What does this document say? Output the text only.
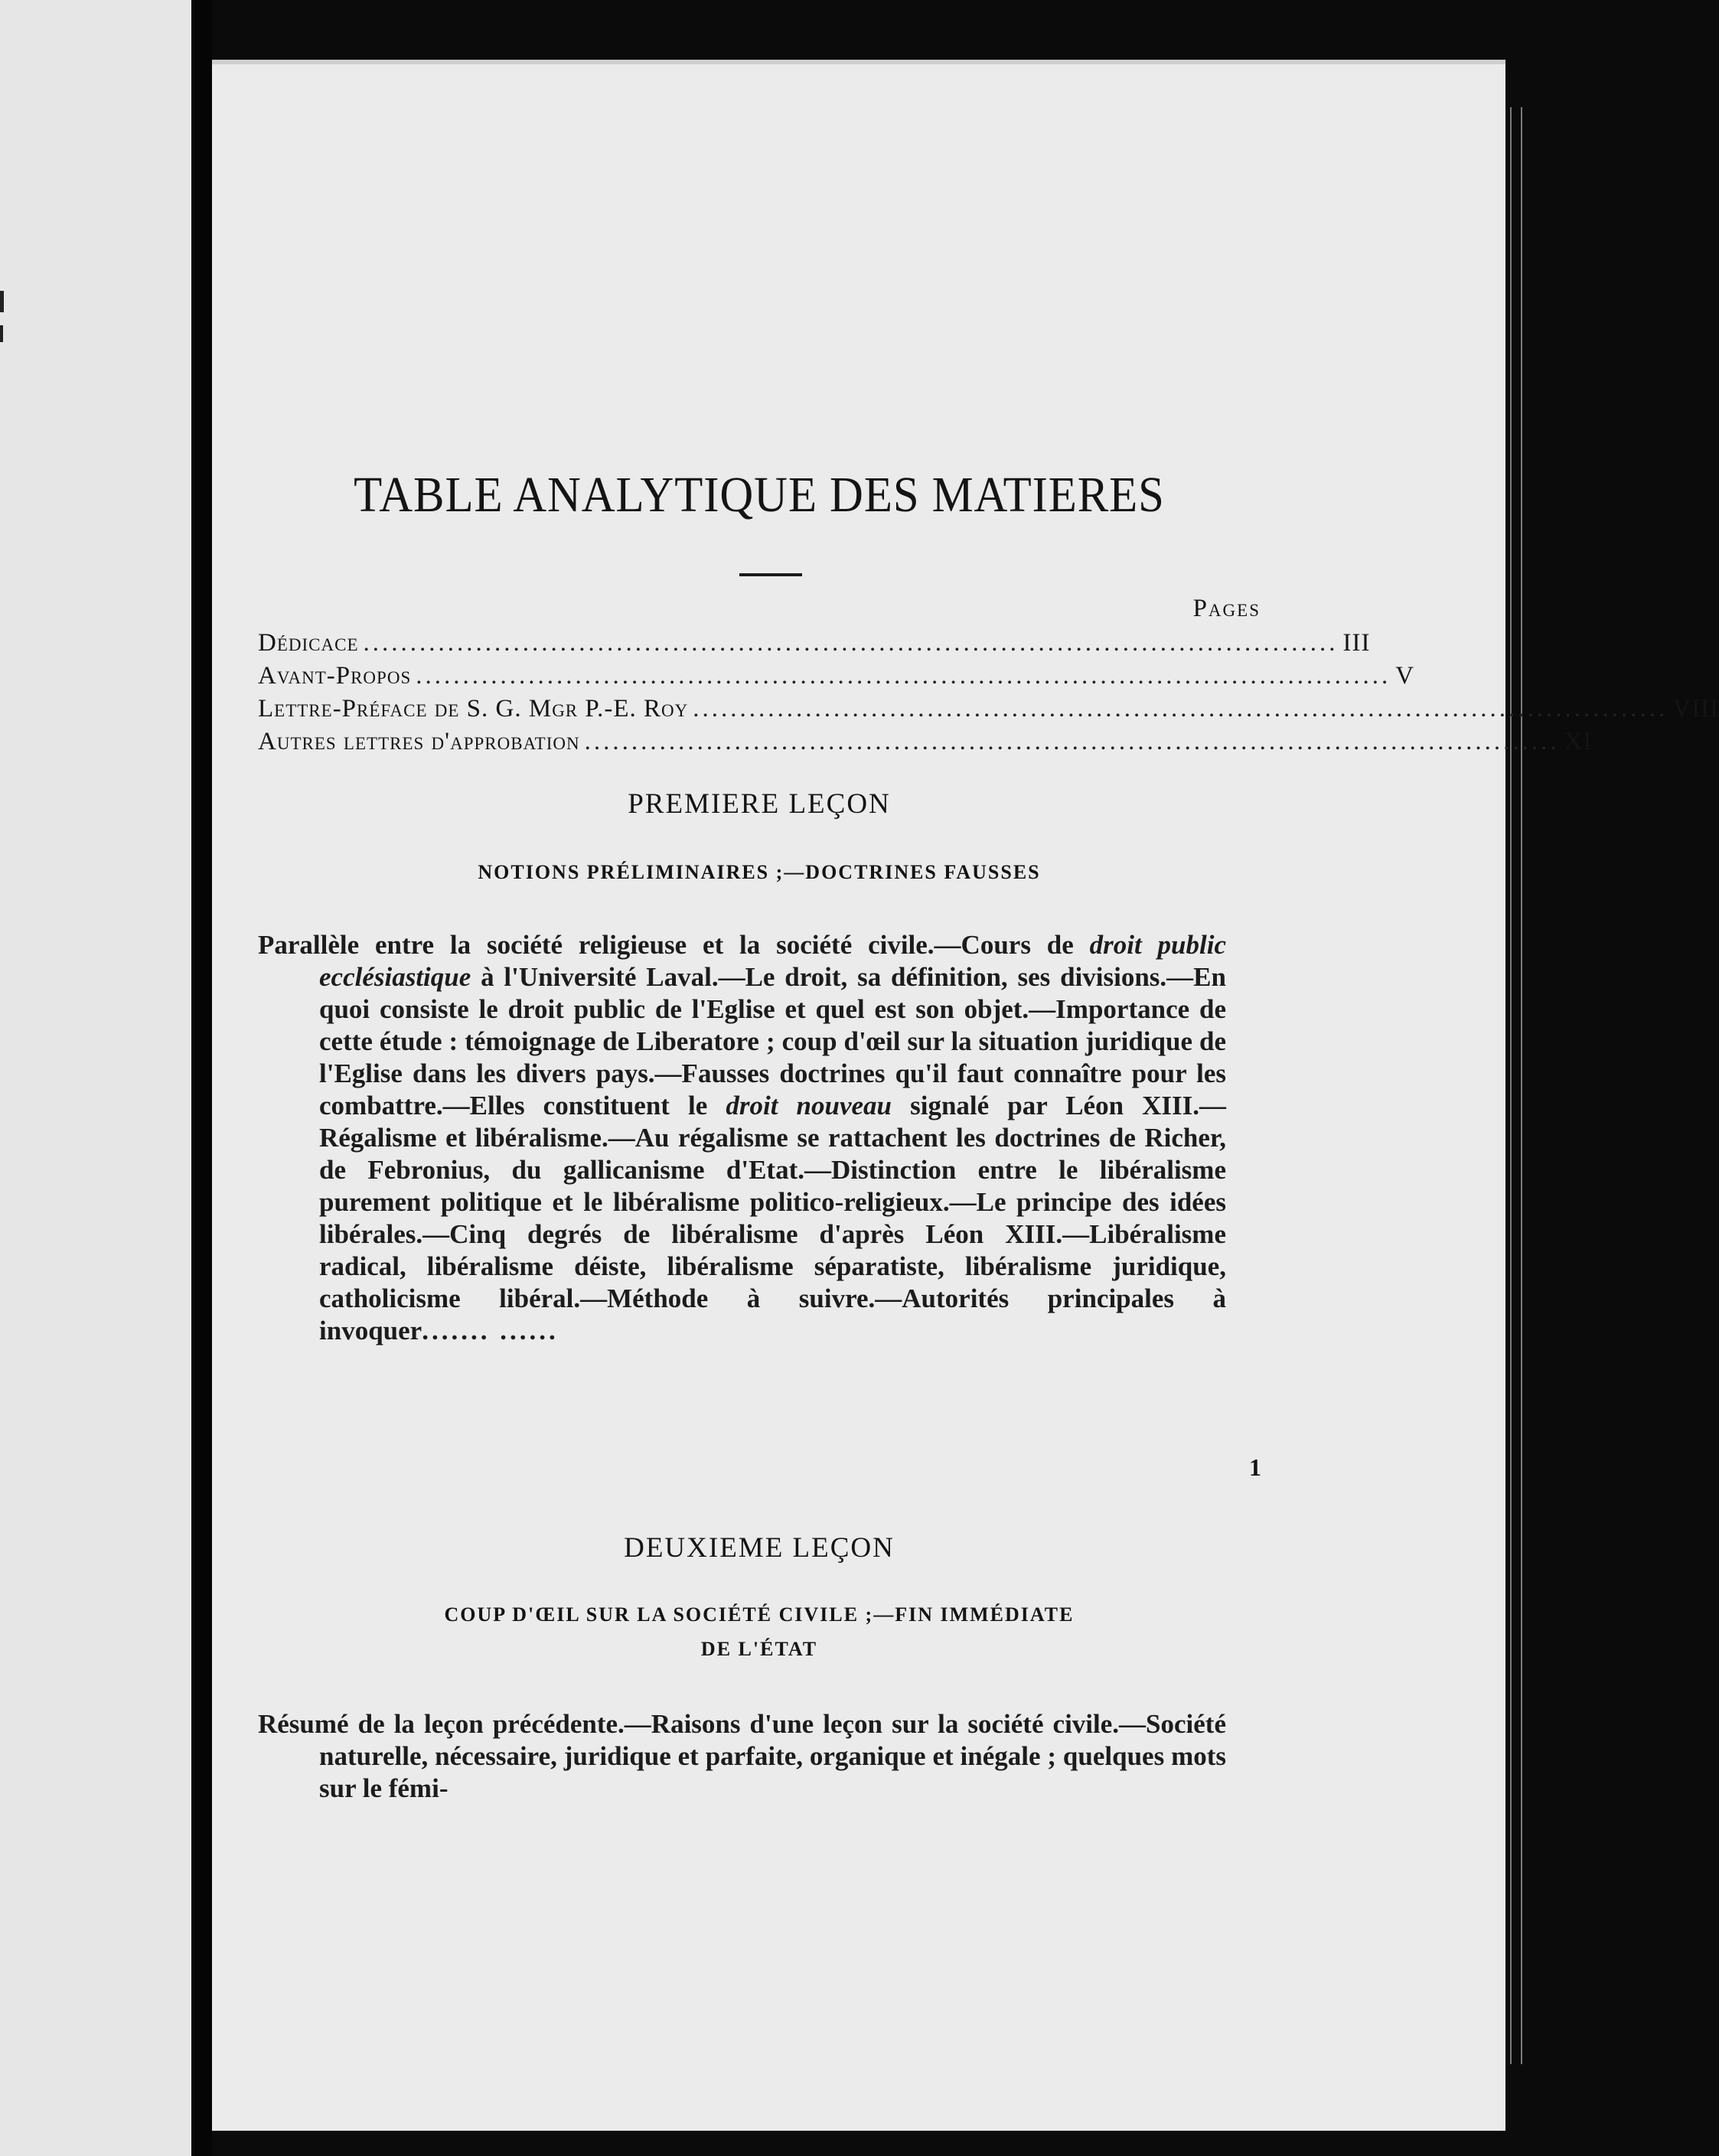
TABLE ANALYTIQUE DES MATIERES
Pages
Dédicace ........................................................................................................ III
Avant-Propos ........................................................................................................ V
Lettre-Préface de S. G. Mgr P.-E. Roy ........................................................................................................ VIII
Autres lettres d'approbation ........................................................................................................ XI
PREMIERE LEÇON
NOTIONS PRÉLIMINAIRES ;—DOCTRINES FAUSSES
Parallèle entre la société religieuse et la société civile.—Cours de droit public ecclésiastique à l'Université Laval.—Le droit, sa définition, ses divisions.—En quoi consiste le droit public de l'Eglise et quel est son objet.—Importance de cette étude : témoignage de Liberatore ; coup d'œil sur la situation juridique de l'Eglise dans les divers pays.—Fausses doctrines qu'il faut connaître pour les combattre.—Elles constituent le droit nouveau signalé par Léon XIII.—Régalisme et libéralisme.—Au régalisme se rattachent les doctrines de Richer, de Febronius, du gallicanisme d'Etat.—Distinction entre le libéralisme purement politique et le libéralisme politico-religieux.—Le principe des idées libérales.—Cinq degrés de libéralisme d'après Léon XIII.—Libéralisme radical, libéralisme déiste, libéralisme séparatiste, libéralisme juridique, catholicisme libéral.—Méthode à suivre.—Autorités principales à invoquer....... ......
1
DEUXIEME LEÇON
COUP D'ŒIL SUR LA SOCIÉTÉ CIVILE ;—FIN IMMÉDIATE
DE L'ÉTAT
Résumé de la leçon précédente.—Raisons d'une leçon sur la société civile.—Société naturelle, nécessaire, juridique et parfaite, organique et inégale ; quelques mots sur le fémi-
